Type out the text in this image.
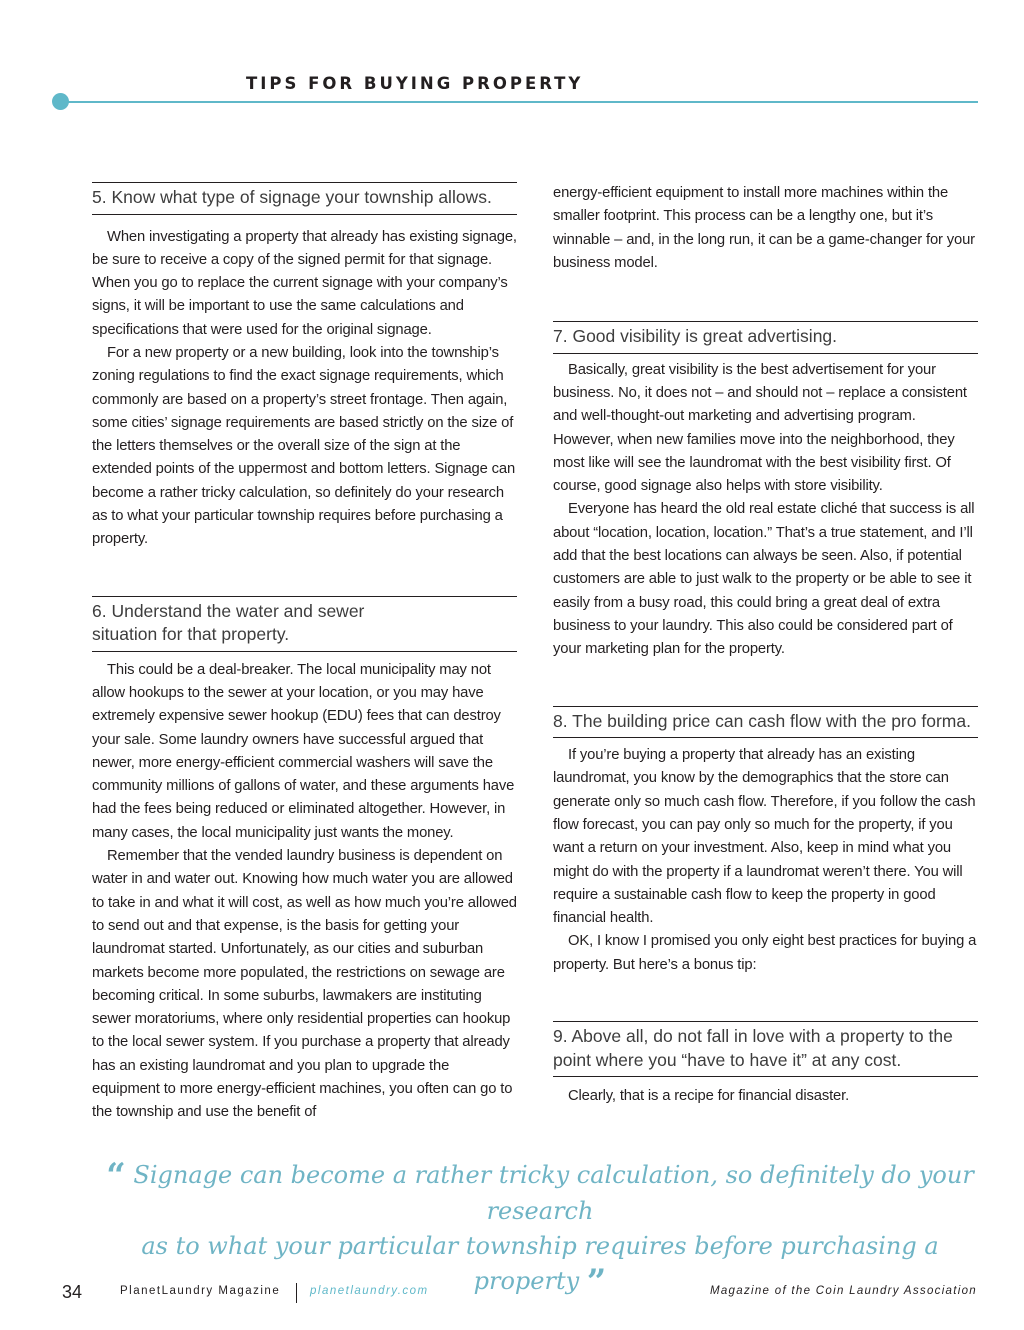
TIPS FOR BUYING PROPERTY
5. Know what type of signage your township allows.

When investigating a property that already has existing signage, be sure to receive a copy of the signed permit for that signage. When you go to replace the current signage with your company’s signs, it will be important to use the same calculations and specifications that were used for the original signage.

For a new property or a new building, look into the township’s zoning regulations to find the exact signage requirements, which commonly are based on a property’s street frontage. Then again, some cities’ signage requirements are based strictly on the size of the letters themselves or the overall size of the sign at the extended points of the uppermost and bottom letters. Signage can become a rather tricky calculation, so definitely do your research as to what your particular township requires before purchasing a property.

6. Understand the water and sewer
situation for that property.

This could be a deal-breaker. The local municipality may not allow hookups to the sewer at your location, or you may have extremely expensive sewer hookup (EDU) fees that can destroy your sale. Some laundry owners have successful argued that newer, more energy-efficient commercial washers will save the community millions of gallons of water, and these arguments have had the fees being reduced or eliminated altogether. However, in many cases, the local municipality just wants the money.

Remember that the vended laundry business is dependent on water in and water out. Knowing how much water you are allowed to take in and what it will cost, as well as how much you’re allowed to send out and that expense, is the basis for getting your laundromat started. Unfortunately, as our cities and suburban markets become more populated, the restrictions on sewage are becoming critical. In some suburbs, lawmakers are instituting sewer moratoriums, where only residential properties can hookup to the local sewer system. If you purchase a property that already has an existing laundromat and you plan to upgrade the equipment to more energy-efficient machines, you often can go to the township and use the benefit of

energy-efficient equipment to install more machines within the smaller footprint. This process can be a lengthy one, but it’s winnable – and, in the long run, it can be a game-changer for your business model.

7. Good visibility is great advertising.

Basically, great visibility is the best advertisement for your business. No, it does not – and should not – replace a consistent and well-thought-out marketing and advertising program. However, when new families move into the neighborhood, they most like will see the laundromat with the best visibility first. Of course, good signage also helps with store visibility.

Everyone has heard the old real estate cliché that success is all about “location, location, location.” That’s a true statement, and I’ll add that the best locations can always be seen. Also, if potential customers are able to just walk to the property or be able to see it easily from a busy road, this could bring a great deal of extra business to your laundry. This also could be considered part of your marketing plan for the property.

8. The building price can cash flow with the pro forma.

If you’re buying a property that already has an existing laundromat, you know by the demographics that the store can generate only so much cash flow. Therefore, if you follow the cash flow forecast, you can pay only so much for the property, if you want a return on your investment. Also, keep in mind what you might do with the property if a laundromat weren’t there. You will require a sustainable cash flow to keep the property in good financial health.

OK, I know I promised you only eight best practices for buying a property. But here’s a bonus tip:

9. Above all, do not fall in love with a property to the
point where you “have to have it” at any cost.

Clearly, that is a recipe for financial disaster.

“ Signage can become a rather tricky calculation, so definitely do your research
as to what your particular township requires before purchasing a property ”
34	PlanetLaundry Magazine	planetlaundry.com	Magazine of the Coin Laundry Association
